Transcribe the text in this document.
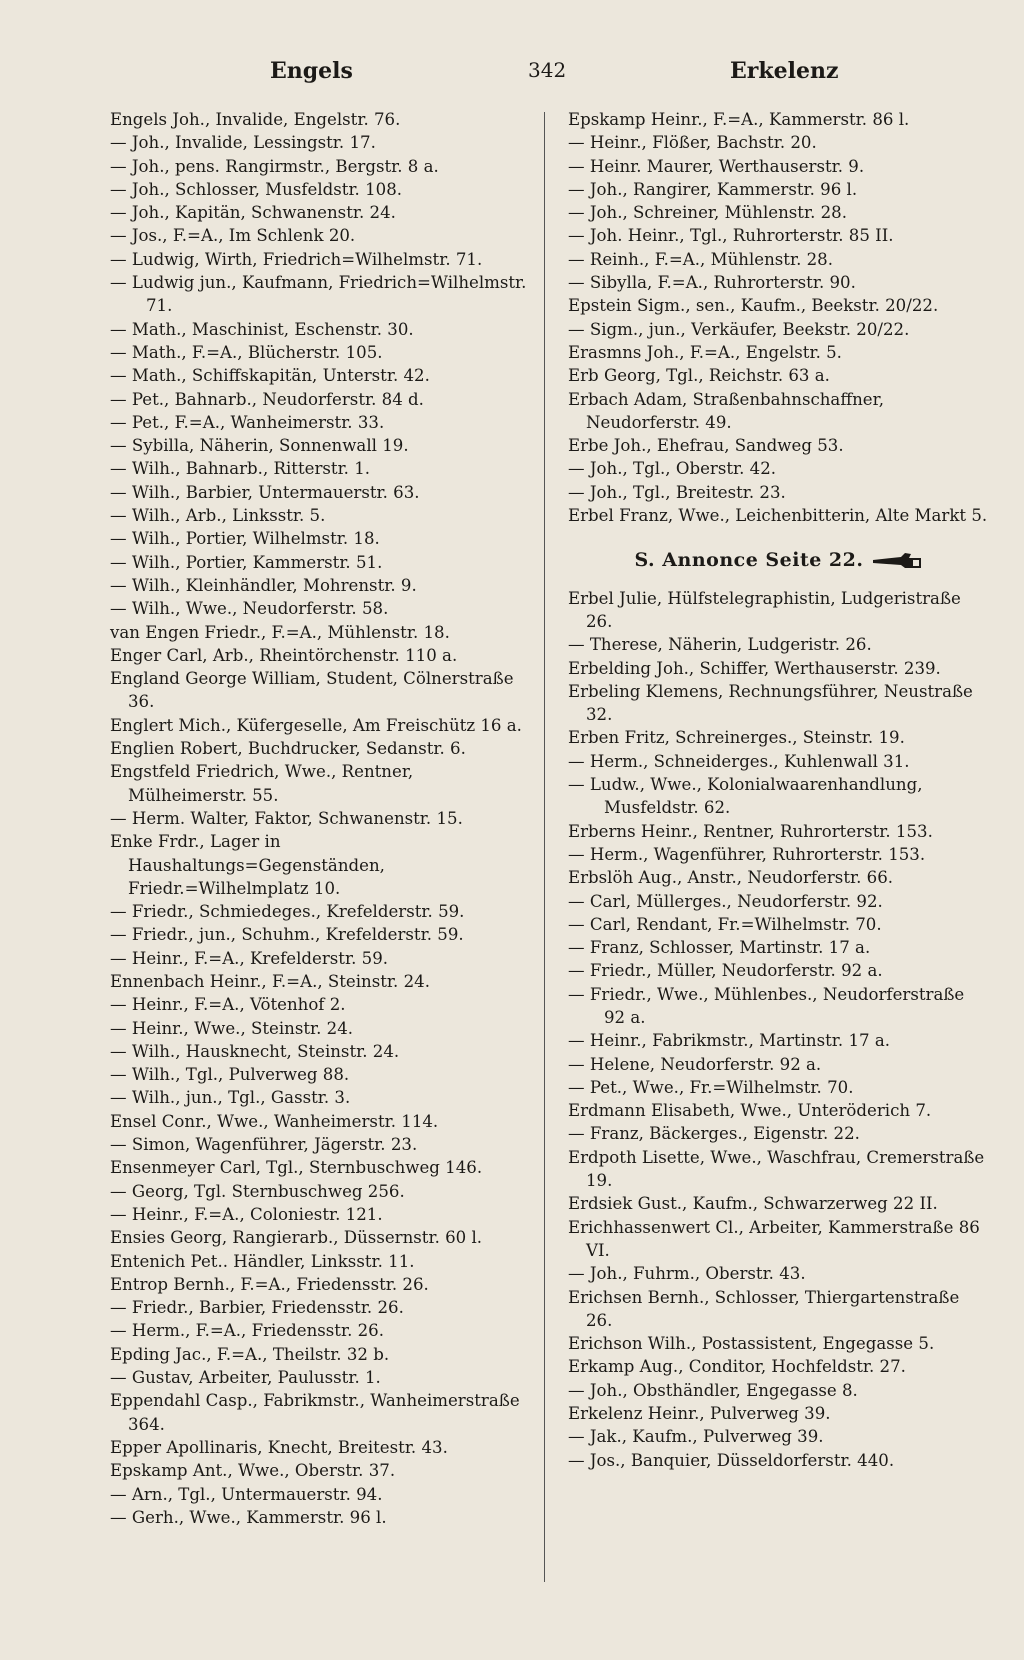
Engels	342	Erkelenz
Engels Joh., Invalide, Engelstr. 76.
— Joh., Invalide, Lessingstr. 17.
— Joh., pens. Rangirmstr., Bergstr. 8 a.
— Joh., Schlosser, Musfeldstr. 108.
— Joh., Kapitän, Schwanenstr. 24.
— Jos., F.=A., Im Schlenk 20.
— Ludwig, Wirth, Friedrich=Wilhelmstr. 71.
— Ludwig jun., Kaufmann, Friedrich=Wilhelmstr. 71.
— Math., Maschinist, Eschenstr. 30.
— Math., F.=A., Blücherstr. 105.
— Math., Schiffskapitän, Unterstr. 42.
— Pet., Bahnarb., Neudorferstr. 84 d.
— Pet., F.=A., Wanheimerstr. 33.
— Sybilla, Näherin, Sonnenwall 19.
— Wilh., Bahnarb., Ritterstr. 1.
— Wilh., Barbier, Untermauerstr. 63.
— Wilh., Arb., Linksstr. 5.
— Wilh., Portier, Wilhelmstr. 18.
— Wilh., Portier, Kammerstr. 51.
— Wilh., Kleinhändler, Mohrenstr. 9.
— Wilh., Wwe., Neudorferstr. 58.
van Engen Friedr., F.=A., Mühlenstr. 18.
Enger Carl, Arb., Rheintörchenstr. 110 a.
England George William, Student, Cölnerstraße 36.
Englert Mich., Küfergeselle, Am Freischütz 16 a.
Englien Robert, Buchdrucker, Sedanstr. 6.
Engstfeld Friedrich, Wwe., Rentner, Mülheimerstr. 55.
— Herm. Walter, Faktor, Schwanenstr. 15.
Enke Frdr., Lager in Haushaltungs=Gegenständen, Friedr.=Wilhelmplatz 10.
— Friedr., Schmiedeges., Krefelderstr. 59.
— Friedr., jun., Schuhm., Krefelderstr. 59.
— Heinr., F.=A., Krefelderstr. 59.
Ennenbach Heinr., F.=A., Steinstr. 24.
— Heinr., F.=A., Vötenhof 2.
— Heinr., Wwe., Steinstr. 24.
— Wilh., Hausknecht, Steinstr. 24.
— Wilh., Tgl., Pulverweg 88.
— Wilh., jun., Tgl., Gasstr. 3.
Ensel Conr., Wwe., Wanheimerstr. 114.
— Simon, Wagenführer, Jägerstr. 23.
Ensenmeyer Carl, Tgl., Sternbuschweg 146.
— Georg, Tgl. Sternbuschweg 256.
— Heinr., F.=A., Coloniestr. 121.
Ensies Georg, Rangierarb., Düssernstr. 60 l.
Entenich Pet.. Händler, Linksstr. 11.
Entrop Bernh., F.=A., Friedensstr. 26.
— Friedr., Barbier, Friedensstr. 26.
— Herm., F.=A., Friedensstr. 26.
Epding Jac., F.=A., Theilstr. 32 b.
— Gustav, Arbeiter, Paulusstr. 1.
Eppendahl Casp., Fabrikmstr., Wanheimerstraße 364.
Epper Apollinaris, Knecht, Breitestr. 43.
Epskamp Ant., Wwe., Oberstr. 37.
— Arn., Tgl., Untermauerstr. 94.
— Gerh., Wwe., Kammerstr. 96 l.
Epskamp Heinr., F.=A., Kammerstr. 86 l.
— Heinr., Flößer, Bachstr. 20.
— Heinr. Maurer, Werthauserstr. 9.
— Joh., Rangirer, Kammerstr. 96 l.
— Joh., Schreiner, Mühlenstr. 28.
— Joh. Heinr., Tgl., Ruhrorterstr. 85 II.
— Reinh., F.=A., Mühlenstr. 28.
— Sibylla, F.=A., Ruhrorterstr. 90.
Epstein Sigm., sen., Kaufm., Beekstr. 20/22.
— Sigm., jun., Verkäufer, Beekstr. 20/22.
Erasmns Joh., F.=A., Engelstr. 5.
Erb Georg, Tgl., Reichstr. 63 a.
Erbach Adam, Straßenbahnschaffner, Neudorferstr. 49.
Erbe Joh., Ehefrau, Sandweg 53.
— Joh., Tgl., Oberstr. 42.
— Joh., Tgl., Breitestr. 23.
Erbel Franz, Wwe., Leichenbitterin, Alte Markt 5.
S. Annonce Seite 22.
Erbel Julie, Hülfstelegraphistin, Ludgeristraße 26.
— Therese, Näherin, Ludgeristr. 26.
Erbelding Joh., Schiffer, Werthauserstr. 239.
Erbeling Klemens, Rechnungsführer, Neustraße 32.
Erben Fritz, Schreinerges., Steinstr. 19.
— Herm., Schneiderges., Kuhlenwall 31.
— Ludw., Wwe., Kolonialwaarenhandlung, Musfeldstr. 62.
Erberns Heinr., Rentner, Ruhrorterstr. 153.
— Herm., Wagenführer, Ruhrorterstr. 153.
Erbslöh Aug., Anstr., Neudorferstr. 66.
— Carl, Müllerges., Neudorferstr. 92.
— Carl, Rendant, Fr.=Wilhelmstr. 70.
— Franz, Schlosser, Martinstr. 17 a.
— Friedr., Müller, Neudorferstr. 92 a.
— Friedr., Wwe., Mühlenbes., Neudorferstraße 92 a.
— Heinr., Fabrikmstr., Martinstr. 17 a.
— Helene, Neudorferstr. 92 a.
— Pet., Wwe., Fr.=Wilhelmstr. 70.
Erdmann Elisabeth, Wwe., Unteröderich 7.
— Franz, Bäckerges., Eigenstr. 22.
Erdpoth Lisette, Wwe., Waschfrau, Cremerstraße 19.
Erdsiek Gust., Kaufm., Schwarzerweg 22 II.
Erichhassenwert Cl., Arbeiter, Kammerstraße 86 VI.
— Joh., Fuhrm., Oberstr. 43.
Erichsen Bernh., Schlosser, Thiergartenstraße 26.
Erichson Wilh., Postassistent, Engegasse 5.
Erkamp Aug., Conditor, Hochfeldstr. 27.
— Joh., Obsthändler, Engegasse 8.
Erkelenz Heinr., Pulverweg 39.
— Jak., Kaufm., Pulverweg 39.
— Jos., Banquier, Düsseldorferstr. 440.
